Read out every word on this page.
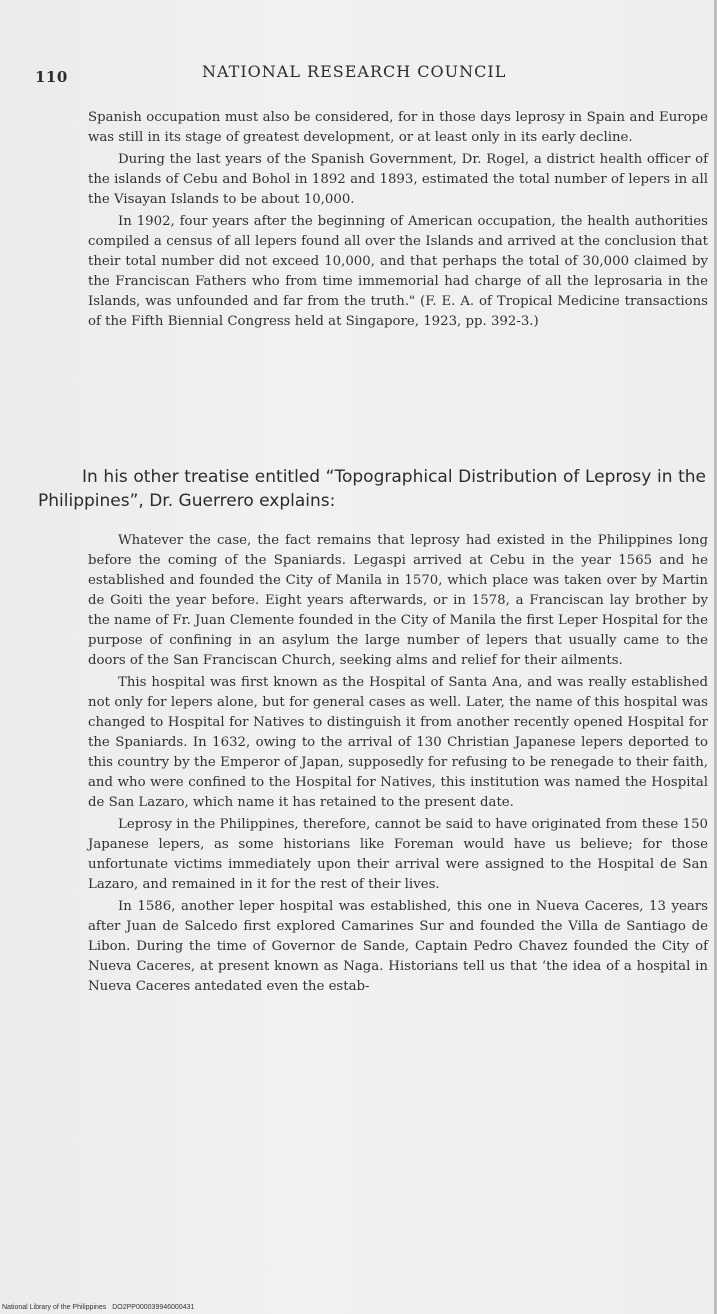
110	NATIONAL RESEARCH COUNCIL

Spanish occupation must also be considered, for in those days leprosy in Spain and Europe was still in its stage of greatest development, or at least only in its early decline.

During the last years of the Spanish Government, Dr. Rogel, a district health officer of the islands of Cebu and Bohol in 1892 and 1893, estimated the total number of lepers in all the Visayan Islands to be about 10,000.

In 1902, four years after the beginning of American occupation, the health authorities compiled a census of all lepers found all over the Islands and arrived at the conclusion that their total number did not exceed 10,000, and that perhaps the total of 30,000 claimed by the Franciscan Fathers who from time immemorial had charge of all the leprosaria in the Islands, was unfounded and far from the truth." (F. E. A. of Tropical Medicine transactions of the Fifth Biennial Congress held at Singapore, 1923, pp. 392-3.)

In his other treatise entitled “Topographical Distribution of Leprosy in the Philippines”, Dr. Guerrero explains:

Whatever the case, the fact remains that leprosy had existed in the Philippines long before the coming of the Spaniards. Legaspi arrived at Cebu in the year 1565 and he established and founded the City of Manila in 1570, which place was taken over by Martin de Goiti the year before. Eight years afterwards, or in 1578, a Franciscan lay brother by the name of Fr. Juan Clemente founded in the City of Manila the first Leper Hospital for the purpose of confining in an asylum the large number of lepers that usually came to the doors of the San Franciscan Church, seeking alms and relief for their ailments.

This hospital was first known as the Hospital of Santa Ana, and was really established not only for lepers alone, but for general cases as well. Later, the name of this hospital was changed to Hospital for Natives to distinguish it from another recently opened Hospital for the Spaniards. In 1632, owing to the arrival of 130 Christian Japanese lepers deported to this country by the Emperor of Japan, supposedly for refusing to be renegade to their faith, and who were confined to the Hospital for Natives, this institution was named the Hospital de San Lazaro, which name it has retained to the present date.

Leprosy in the Philippines, therefore, cannot be said to have originated from these 150 Japanese lepers, as some historians like Foreman would have us believe; for those unfortunate victims immediately upon their arrival were assigned to the Hospital de San Lazaro, and remained in it for the rest of their lives.

In 1586, another leper hospital was established, this one in Nueva Caceres, 13 years after Juan de Salcedo first explored Camarines Sur and founded the Villa de Santiago de Libon. During the time of Governor de Sande, Captain Pedro Chavez founded the City of Nueva Caceres, at present known as Naga. Historians tell us that ‘the idea of a hospital in Nueva Caceres antedated even the estab-

National Library of the Philippines DO2PP000039946000431
